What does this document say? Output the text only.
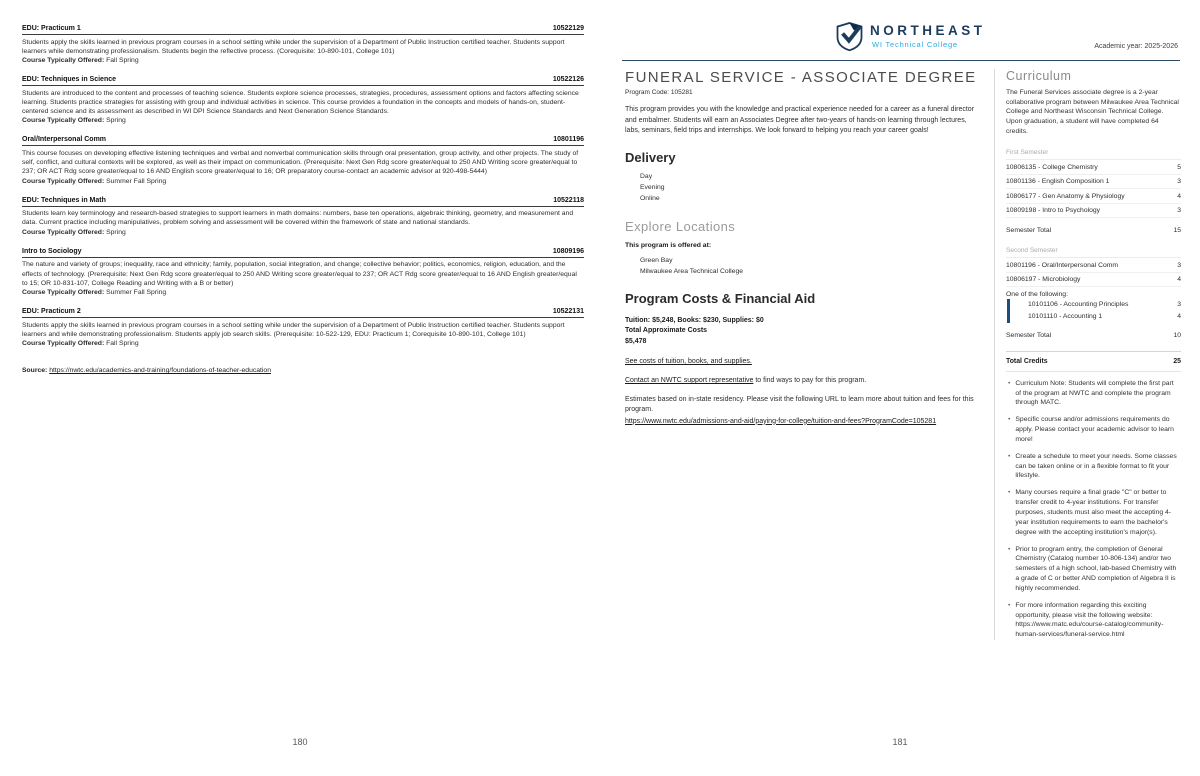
EDU: Practicum 1	10522129
Students apply the skills learned in previous program courses in a school setting while under the supervision of a Department of Public Instruction certified teacher. Students support learners while demonstrating professionalism. Students begin the reflective process. (Corequisite: 10-890-101, College 101)
Course Typically Offered: Fall Spring
EDU: Techniques in Science	10522126
Students are introduced to the content and processes of teaching science. Students explore science processes, strategies, procedures, assessment options and factors affecting science learning. Students practice strategies for assisting with group and individual activities in science. This course provides a foundation in the concepts and models of hands-on, student-centered science and its assessment as described in WI DPI Science Standards and Next Generation Science Standards.
Course Typically Offered: Spring
Oral/Interpersonal Comm	10801196
This course focuses on developing effective listening techniques and verbal and nonverbal communication skills through oral presentation, group activity, and other projects. The study of self, conflict, and cultural contexts will be explored, as well as their impact on communication. (Prerequisite: Next Gen Rdg score greater/equal to 250 AND Writing score greater/equal to 237; OR ACT Rdg score greater/equal to 16 AND English score greater/equal to 16; OR preparatory course-contact an academic advisor at 920-498-5444)
Course Typically Offered: Summer Fall Spring
EDU: Techniques in Math	10522118
Students learn key terminology and research-based strategies to support learners in math domains: numbers, base ten operations, algebraic thinking, geometry, and measurement and data. Current practice including manipulatives, problem solving and assessment will be covered within the framework of state and national standards.
Course Typically Offered: Spring
Intro to Sociology	10809196
The nature and variety of groups; inequality, race and ethnicity; family, population, social integration, and change; collective behavior; politics, economics, religion, education, and the effects of technology. (Prerequisite: Next Gen Rdg score greater/equal to 250 AND Writing score greater/equal to 237; OR ACT Rdg score greater/equal to 16 AND English greater/equal to 15; OR 10-831-107, College Reading and Writing with a B or better)
Course Typically Offered: Summer Fall Spring
EDU: Practicum 2	10522131
Students apply the skills learned in previous program courses in a school setting while under the supervision of a Department of Public Instruction certified teacher. Students support learners and while demonstrating professionalism. Students apply job search skills. (Prerequisite: 10-522-129, EDU: Practicum 1; Corequisite 10-890-101, College 101)
Course Typically Offered: Fall Spring
Source: https://nwtc.edu/academics-and-training/foundations-of-teacher-education
NORTHEAST
WI Technical College	Academic year: 2025-2026
FUNERAL SERVICE - ASSOCIATE DEGREE
Program Code: 105281
This program provides you with the knowledge and practical experience needed for a career as a funeral director and embalmer. Students will earn an Associates Degree after two-years of hands-on learning through lectures, labs, seminars, field trips and internships. We look forward to helping you reach your career goals!
Delivery
Day
Evening
Online
Explore Locations
This program is offered at:
Green Bay
Milwaukee Area Technical College
Program Costs & Financial Aid
Tuition: $5,248, Books: $230, Supplies: $0
Total Approximate Costs
$5,478
See costs of tuition, books, and supplies.
Contact an NWTC support representative to find ways to pay for this program.
Estimates based on in-state residency. Please visit the following URL to learn more about tuition and fees for this program.
https://www.nwtc.edu/admissions-and-aid/paying-for-college/tuition-and-fees?ProgramCode=105281
Curriculum
The Funeral Services associate degree is a 2-year collaborative program between Milwaukee Area Technical College and Northeast Wisconsin Technical College. Upon graduation, a student will have completed 64 credits.
First Semester
10806135 - College Chemistry	5
10801136 - English Composition 1	3
10806177 - Gen Anatomy & Physiology	4
10809198 - Intro to Psychology	3
Semester Total	15
Second Semester
10801196 - Oral/Interpersonal Comm	3
10806197 - Microbiology	4
One of the following:
10101106 - Accounting Principles	3
10101110 - Accounting 1	4
Semester Total	10
Total Credits	25
• Curriculum Note: Students will complete the first part of the program at NWTC and complete the program through MATC.
• Specific course and/or admissions requirements do apply. Please contact your academic advisor to learn more!
• Create a schedule to meet your needs. Some classes can be taken online or in a flexible format to fit your lifestyle.
• Many courses require a final grade "C" or better to transfer credit to 4-year institutions. For transfer purposes, students must also meet the accepting 4-year institution requirements to earn the bachelor's degree with the accepting institution's major(s).
• Prior to program entry, the completion of General Chemistry (Catalog number 10-806-134) and/or two semesters of a high school, lab-based Chemistry with a grade of C or better AND completion of Algebra II is highly recommended.
• For more information regarding this exciting opportunity, please visit the following website: https://www.matc.edu/course-catalog/community-human-services/funeral-service.html
180	181
